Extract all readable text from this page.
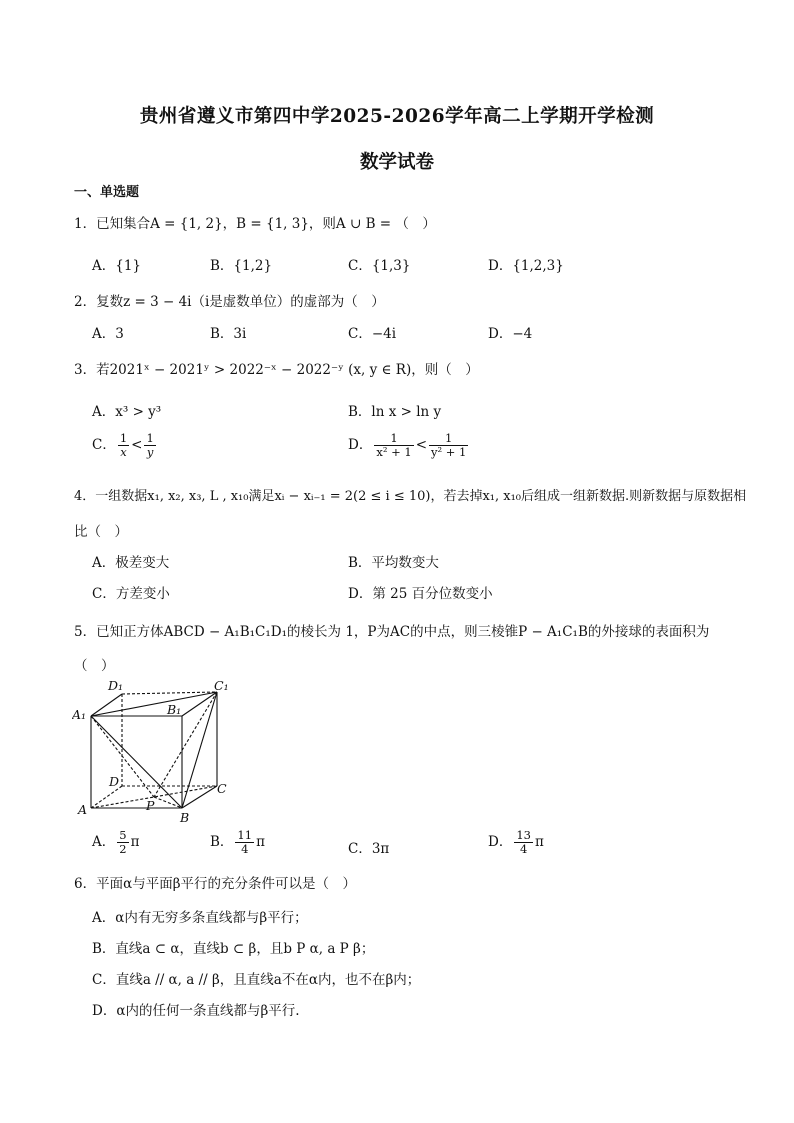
贵州省遵义市第四中学2025-2026学年高二上学期开学检测
数学试卷
一、单选题
1．已知集合A = {1, 2}，B = {1, 3}，则A ∪ B = （　）
A．{1}	B．{1,2}	C．{1,3}	D．{1,2,3}
2．复数z = 3 − 4i（i是虚数单位）的虚部为（　）
A．3	B．3i	C．−4i	D．−4
3．若2021ˣ − 2021ʸ > 2022⁻ˣ − 2022⁻ʸ (x, y ∈ R)，则（　）
A．x³ > y³	B．ln x > ln y
C． $\frac{1}{x} < \frac{1}{y}$	D． $\frac{1}{\text{x² + 1}} < \frac{1}{\text{y² + 1}}$
4．一组数据x₁, x₂, x₃, L , x₁₀满足xᵢ − xᵢ₋₁ = 2(2 ≤ i ≤ 10)，若去掉x₁, x₁₀后组成一组新数据.则新数据与原数据相
比（　）
A．极差变大	B．平均数变大
C．方差变小	D．第 25 百分位数变小
5．已知正方体ABCD − A₁B₁C₁D₁的棱长为 1，P为AC的中点，则三棱锥P − A₁C₁B的外接球的表面积为
（　）
D₁	C₁
A₁	B₁
D	C
A	P
B
A． $\frac{5}{2}$ π	B． $\frac{11}{4}$ π	C．3π	D． $\frac{13}{4}$ π
6．平面α与平面β平行的充分条件可以是（　）
A．α内有无穷多条直线都与β平行；
B．直线a ⊂ α，直线b ⊂ β，且b P α, a P β；
C．直线a // α, a // β，且直线a不在α内，也不在β内；
D．α内的任何一条直线都与β平行.
